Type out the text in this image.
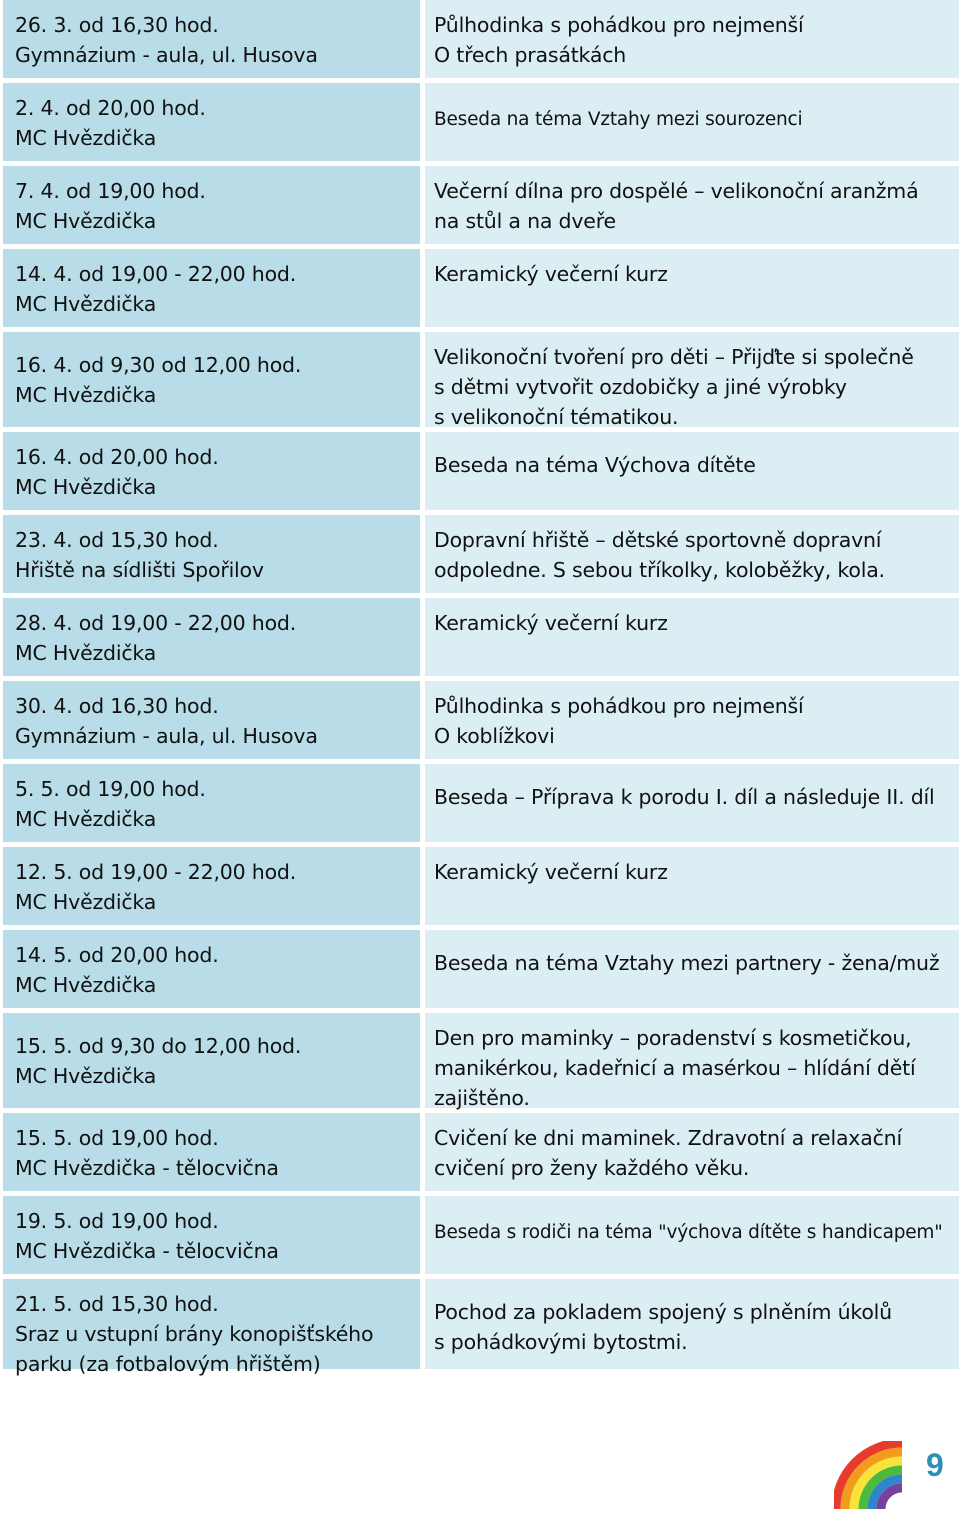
26. 3. od 16,30 hod.
Gymnázium - aula, ul. Husova
Půlhodinka s pohádkou pro nejmenší
O třech prasátkách
2. 4. od 20,00 hod.
MC Hvězdička
Beseda na téma Vztahy mezi sourozenci
7. 4. od 19,00 hod.
MC Hvězdička
Večerní dílna pro dospělé – velikonoční aranžmá
na stůl a na dveře
14. 4. od 19,00 - 22,00 hod.
MC Hvězdička
Keramický večerní kurz
16. 4. od 9,30 od 12,00 hod.
MC Hvězdička
Velikonoční tvoření pro děti – Přijďte si společně
s dětmi vytvořit ozdobičky a jiné výrobky
s velikonoční tématikou.
16. 4. od 20,00 hod.
MC Hvězdička
Beseda na téma Výchova dítěte
23. 4. od 15,30 hod.
Hřiště na sídlišti Spořilov
Dopravní hřiště – dětské sportovně dopravní
odpoledne. S sebou tříkolky, koloběžky, kola.
28. 4. od 19,00 - 22,00 hod.
MC Hvězdička
Keramický večerní kurz
30. 4. od 16,30 hod.
Gymnázium - aula, ul. Husova
Půlhodinka s pohádkou pro nejmenší
O koblížkovi
5. 5. od 19,00 hod.
MC Hvězdička
Beseda – Příprava k porodu I. díl a následuje II. díl
12. 5. od 19,00 - 22,00 hod.
MC Hvězdička
Keramický večerní kurz
14. 5. od 20,00 hod.
MC Hvězdička
Beseda na téma Vztahy mezi partnery - žena/muž
15. 5. od 9,30 do 12,00 hod.
MC Hvězdička
Den pro maminky – poradenství s kosmetičkou,
manikérkou, kadeřnicí a masérkou – hlídání dětí
zajištěno.
15. 5. od 19,00 hod.
MC Hvězdička - tělocvična
Cvičení ke dni maminek. Zdravotní a relaxační
cvičení pro ženy každého věku.
19. 5. od 19,00 hod.
MC Hvězdička - tělocvična
Beseda s rodiči na téma "výchova dítěte s handicapem"
21. 5. od 15,30 hod.
Sraz u vstupní brány konopišťského
parku (za fotbalovým hřištěm)
Pochod za pokladem spojený s plněním úkolů
s pohádkovými bytostmi.
9
